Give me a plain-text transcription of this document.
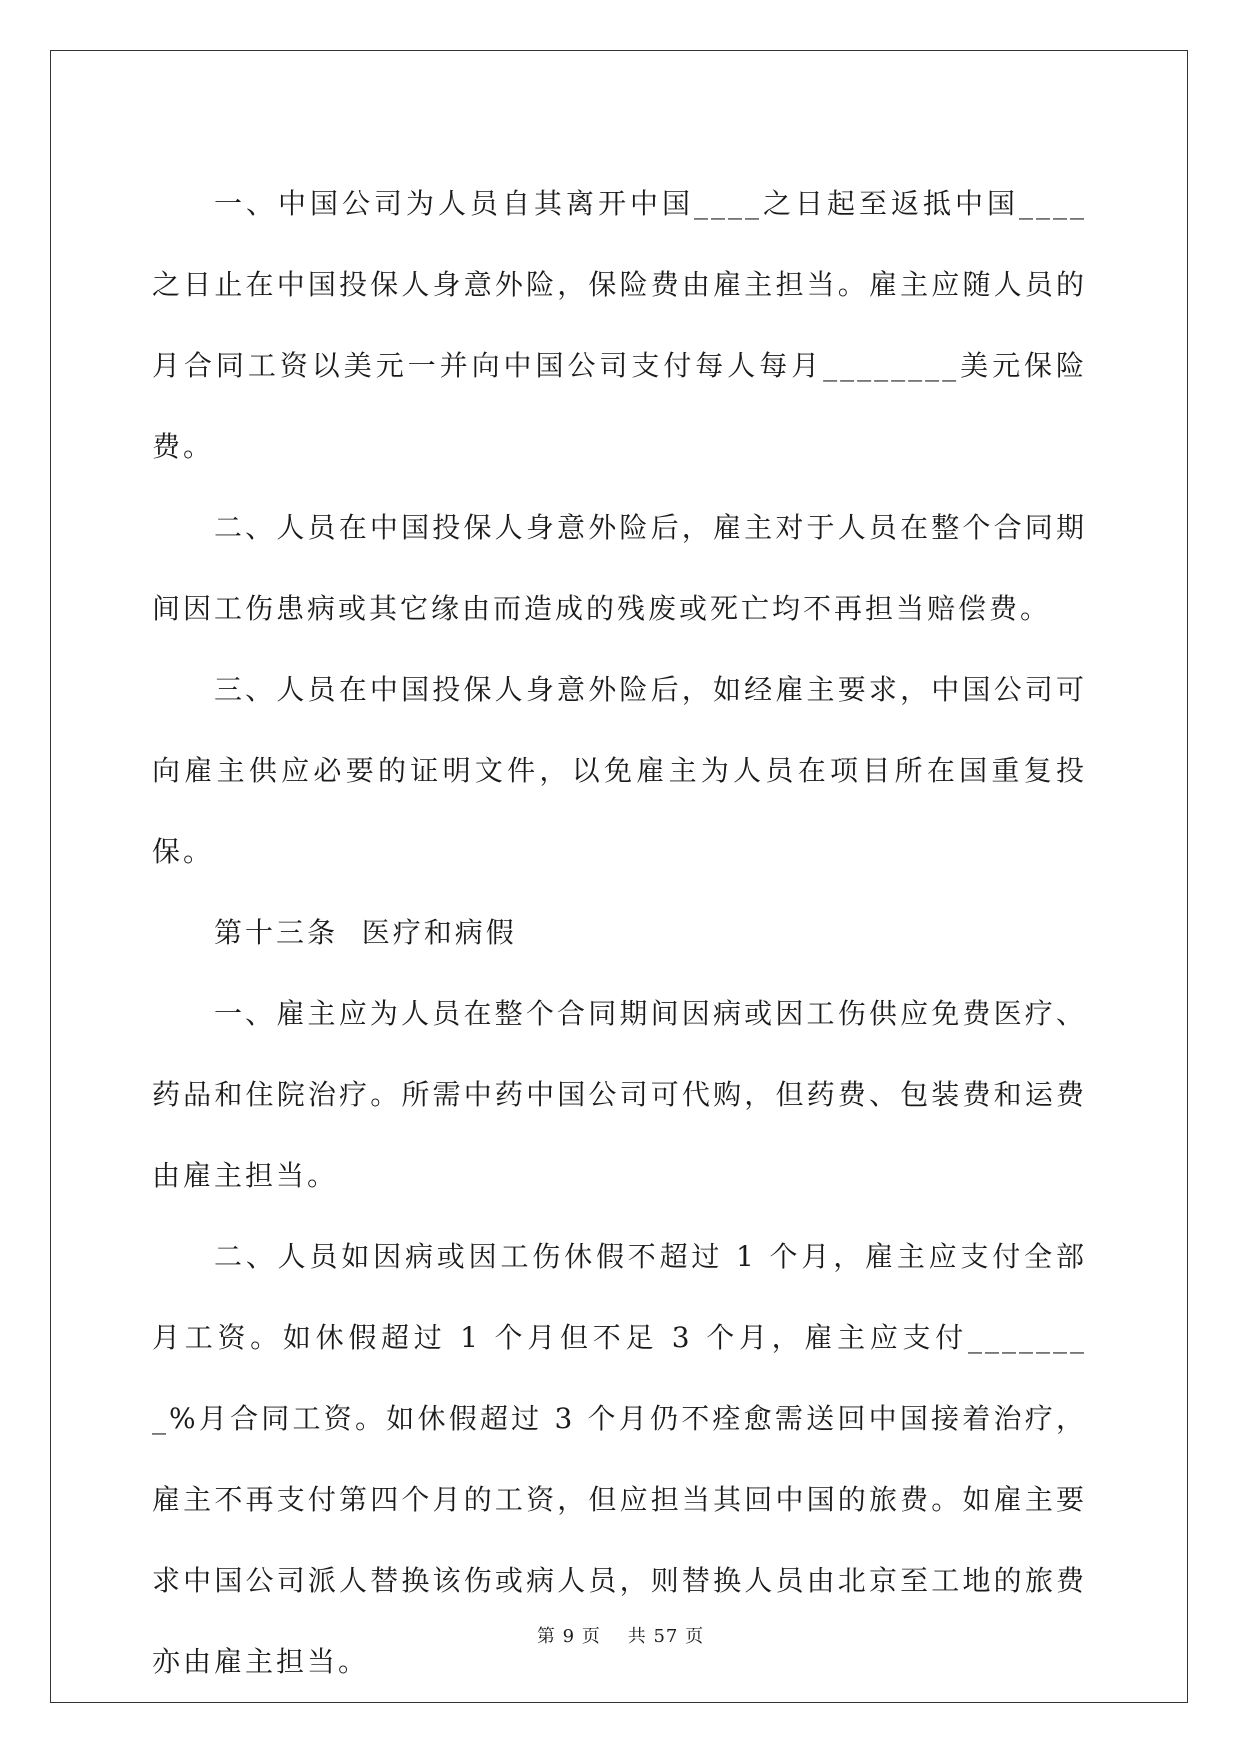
一、中国公司为人员自其离开中国____之日起至返抵中国____之日止在中国投保人身意外险，保险费由雇主担当。雇主应随人员的月合同工资以美元一并向中国公司支付每人每月________美元保险费。

二、人员在中国投保人身意外险后，雇主对于人员在整个合同期间因工伤患病或其它缘由而造成的残废或死亡均不再担当赔偿费。

三、人员在中国投保人身意外险后，如经雇主要求，中国公司可向雇主供应必要的证明文件，以免雇主为人员在项目所在国重复投保。

第十三条  医疗和病假

一、雇主应为人员在整个合同期间因病或因工伤供应免费医疗、药品和住院治疗。所需中药中国公司可代购，但药费、包装费和运费由雇主担当。

二、人员如因病或因工伤休假不超过 1 个月，雇主应支付全部月工资。如休假超过 1 个月但不足 3 个月，雇主应支付________%月合同工资。如休假超过 3 个月仍不痊愈需送回中国接着治疗，雇主不再支付第四个月的工资，但应担当其回中国的旅费。如雇主要求中国公司派人替换该伤或病人员，则替换人员由北京至工地的旅费亦由雇主担当。

第 9 页 共 57 页
